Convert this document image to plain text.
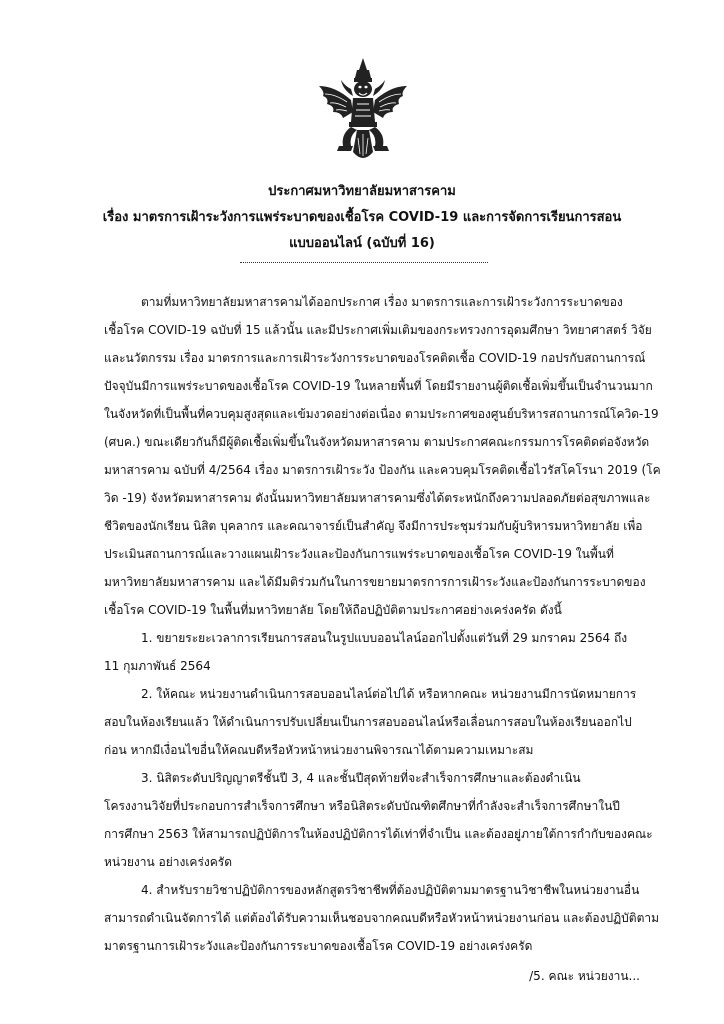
ประกาศมหาวิทยาลัยมหาสารคาม
เรื่อง มาตรการเฝ้าระวังการแพร่ระบาดของเชื้อโรค COVID-19 และการจัดการเรียนการสอน
แบบออนไลน์ (ฉบับที่ 16)
ตามที่มหาวิทยาลัยมหาสารคามได้ออกประกาศ เรื่อง มาตรการและการเฝ้าระวังการระบาดของ
เชื้อโรค COVID-19 ฉบับที่ 15 แล้วนั้น และมีประกาศเพิ่มเติมของกระทรวงการอุดมศึกษา วิทยาศาสตร์ วิจัย
และนวัตกรรม เรื่อง มาตรการและการเฝ้าระวังการระบาดของโรคติดเชื้อ COVID-19 กอปรกับสถานการณ์
ปัจจุบันมีการแพร่ระบาดของเชื้อโรค COVID-19 ในหลายพื้นที่ โดยมีรายงานผู้ติดเชื้อเพิ่มขึ้นเป็นจำนวนมาก
ในจังหวัดที่เป็นพื้นที่ควบคุมสูงสุดและเข้มงวดอย่างต่อเนื่อง ตามประกาศของศูนย์บริหารสถานการณ์โควิด-19
(ศบค.) ขณะเดียวกันก็มีผู้ติดเชื้อเพิ่มขึ้นในจังหวัดมหาสารคาม ตามประกาศคณะกรรมการโรคติดต่อจังหวัด
มหาสารคาม ฉบับที่ 4/2564 เรื่อง มาตรการเฝ้าระวัง ป้องกัน และควบคุมโรคติดเชื้อไวรัสโคโรนา 2019 (โค
วิด -19) จังหวัดมหาสารคาม ดังนั้นมหาวิทยาลัยมหาสารคามซึ่งได้ตระหนักถึงความปลอดภัยต่อสุขภาพและ
ชีวิตของนักเรียน นิสิต บุคลากร และคณาจารย์เป็นสำคัญ จึงมีการประชุมร่วมกับผู้บริหารมหาวิทยาลัย เพื่อ
ประเมินสถานการณ์และวางแผนเฝ้าระวังและป้องกันการแพร่ระบาดของเชื้อโรค COVID-19 ในพื้นที่
มหาวิทยาลัยมหาสารคาม และได้มีมติร่วมกันในการขยายมาตรการการเฝ้าระวังและป้องกันการระบาดของ
เชื้อโรค COVID-19 ในพื้นที่มหาวิทยาลัย โดยให้ถือปฏิบัติตามประกาศอย่างเคร่งครัด ดังนี้
1. ขยายระยะเวลาการเรียนการสอนในรูปแบบออนไลน์ออกไปตั้งแต่วันที่ 29 มกราคม 2564 ถึง
11 กุมภาพันธ์ 2564
2. ให้คณะ หน่วยงานดำเนินการสอบออนไลน์ต่อไปได้ หรือหากคณะ หน่วยงานมีการนัดหมายการ
สอบในห้องเรียนแล้ว ให้ดำเนินการปรับเปลี่ยนเป็นการสอบออนไลน์หรือเลื่อนการสอบในห้องเรียนออกไป
ก่อน หากมีเงื่อนไขอื่นให้คณบดีหรือหัวหน้าหน่วยงานพิจารณาได้ตามความเหมาะสม
3. นิสิตระดับปริญญาตรีชั้นปี 3, 4 และชั้นปีสุดท้ายที่จะสำเร็จการศึกษาและต้องดำเนิน
โครงงานวิจัยที่ประกอบการสำเร็จการศึกษา หรือนิสิตระดับบัณฑิตศึกษาที่กำลังจะสำเร็จการศึกษาในปี
การศึกษา 2563 ให้สามารถปฏิบัติการในห้องปฏิบัติการได้เท่าที่จำเป็น และต้องอยู่ภายใต้การกำกับของคณะ
หน่วยงาน อย่างเคร่งครัด
4. สำหรับรายวิชาปฏิบัติการของหลักสูตรวิชาชีพที่ต้องปฏิบัติตามมาตรฐานวิชาชีพในหน่วยงานอื่น
สามารถดำเนินจัดการได้ แต่ต้องได้รับความเห็นชอบจากคณบดีหรือหัวหน้าหน่วยงานก่อน และต้องปฏิบัติตาม
มาตรฐานการเฝ้าระวังและป้องกันการระบาดของเชื้อโรค COVID-19 อย่างเคร่งครัด
/5. คณะ หน่วยงาน...
